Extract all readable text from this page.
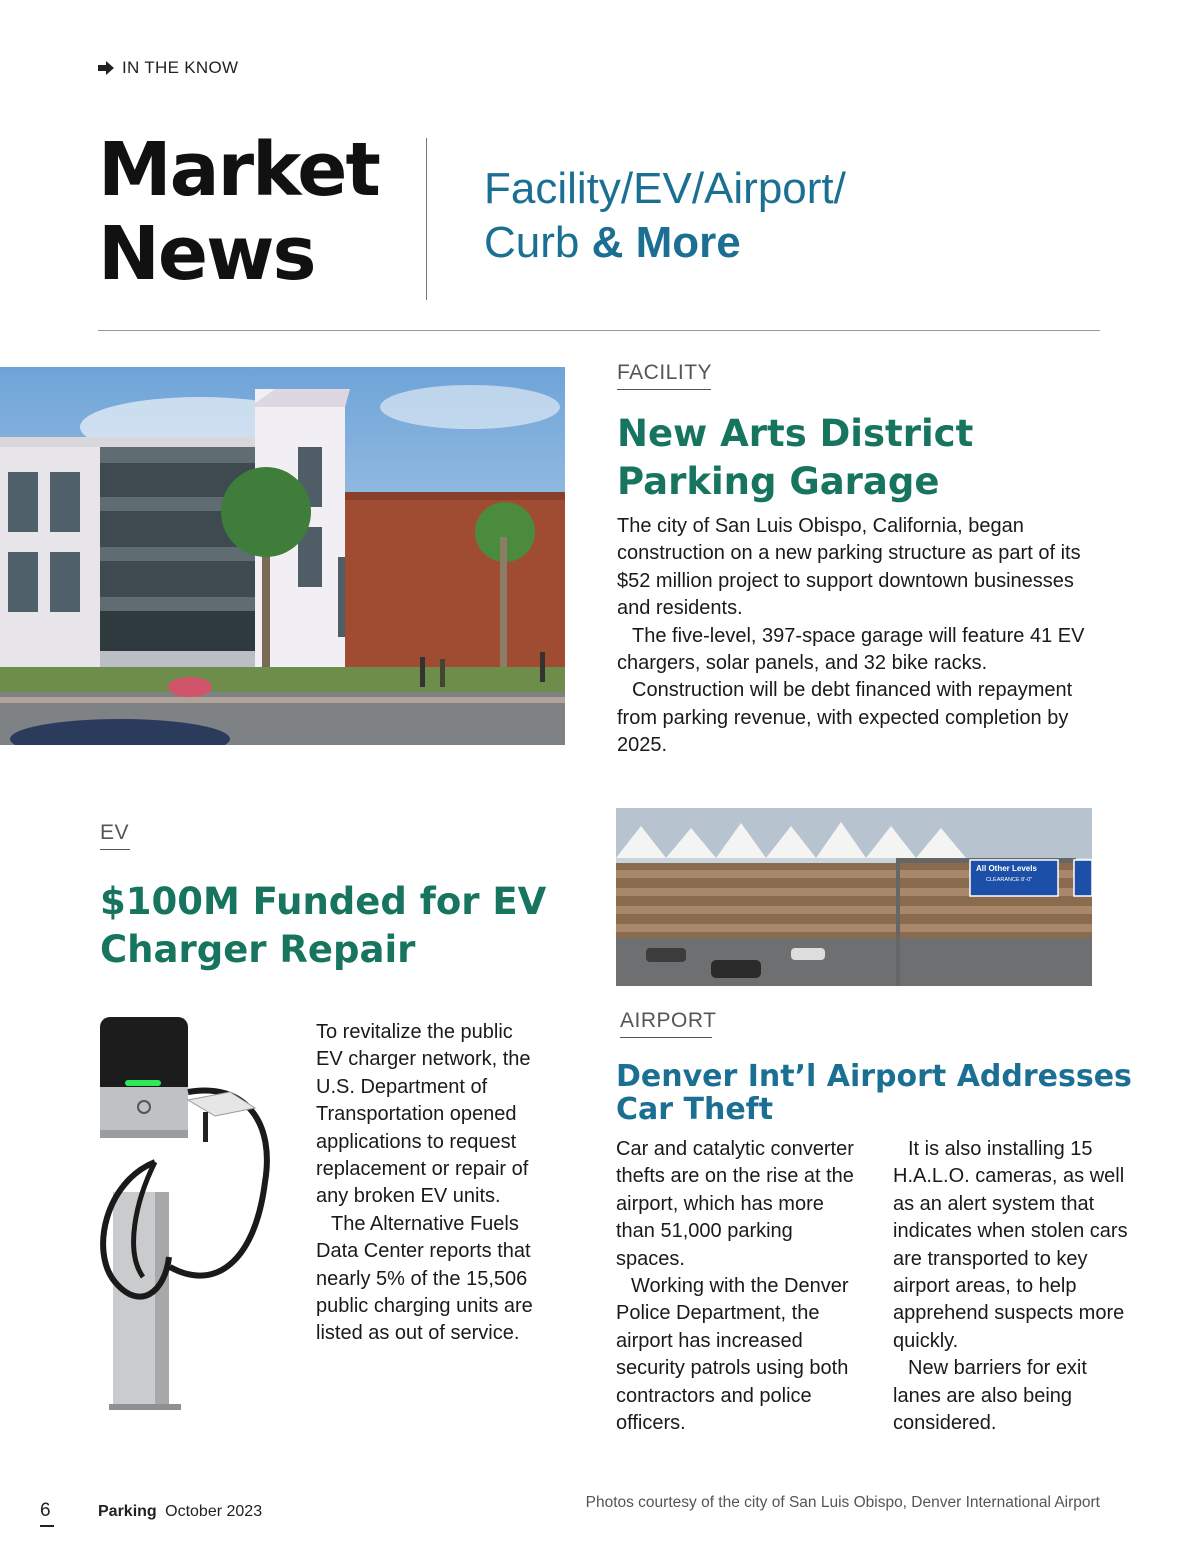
IN THE KNOW
Market
News
Facility/EV/Airport/
Curb & More
FACILITY
New Arts District
Parking Garage

The city of San Luis Obispo, California, began construction on a new parking structure as part of its $52 million project to support downtown businesses and residents.

The five-level, 397-space garage will feature 41 EV chargers, solar panels, and 32 bike racks.

Construction will be debt financed with repayment from parking revenue, with expected completion by 2025.

EV
$100M Funded for EV
Charger Repair

To revitalize the public EV charger network, the U.S. Department of Transportation opened applications to request replacement or repair of any broken EV units.

The Alternative Fuels Data Center reports that nearly 5% of the 15,506 public charging units are listed as out of service.

All Other Levels
CLEARANCE 8'-0"
AIRPORT
Denver Int’l Airport Addresses
Car Theft

Car and catalytic converter thefts are on the rise at the airport, which has more than 51,000 parking spaces.

Working with the Denver Police Department, the airport has increased security patrols using both contractors and police officers.

It is also installing 15 H.A.L.O. cameras, as well as an alert system that indicates when stolen cars are transported to key airport areas, to help apprehend suspects more quickly.

New barriers for exit lanes are also being considered.

6	Parking October 2023
Photos courtesy of the city of San Luis Obispo, Denver International Airport
